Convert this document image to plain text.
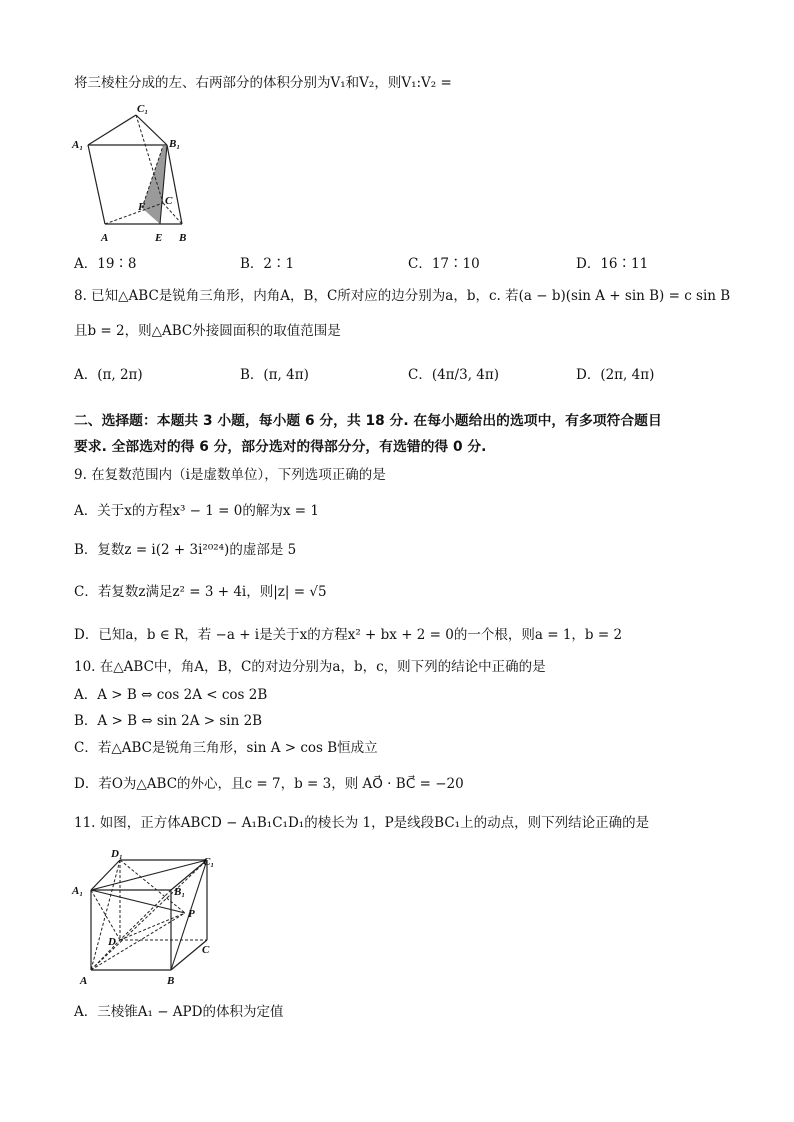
将三棱柱分成的左、右两部分的体积分别为V₁和V₂，则V₁:V₂ =
C₁
A₁	B₁
F C
A	E B
A．19∶8	B．2∶1	C．17∶10	D．16∶11
8. 已知△ABC是锐角三角形，内角A，B，C所对应的边分别为a，b，c. 若(a − b)(sin A + sin B) = c sin B
且b = 2，则△ABC外接圆面积的取值范围是
A．(π, 2π)	B．(π, 4π)	C．(4π/3, 4π)	D．(2π, 4π)
二、选择题：本题共 3 小题，每小题 6 分，共 18 分. 在每小题给出的选项中，有多项符合题目
要求. 全部选对的得 6 分，部分选对的得部分分，有选错的得 0 分.
9. 在复数范围内（i是虚数单位），下列选项正确的是
A．关于x的方程x³ − 1 = 0的解为x = 1
B．复数z = i(2 + 3i²⁰²⁴)的虚部是 5
C．若复数z满足z² = 3 + 4i，则|z| = √5
D．已知a，b ∈ R，若 −a + i是关于x的方程x² + bx + 2 = 0的一个根，则a = 1，b = 2
10. 在△ABC中，角A，B，C的对边分别为a，b，c，则下列的结论中正确的是
A．A > B ⇔ cos 2A < cos 2B
B．A > B ⇔ sin 2A > sin 2B
C．若△ABC是锐角三角形，sin A > cos B恒成立
D．若O为△ABC的外心，且c = 7，b = 3，则 AO⃗ · BC⃗ = −20
11. 如图，正方体ABCD − A₁B₁C₁D₁的棱长为 1，P是线段BC₁上的动点，则下列结论正确的是
D₁
C₁
A₁	B₁
P
D
C
A	B
A．三棱锥A₁ − APD的体积为定值
